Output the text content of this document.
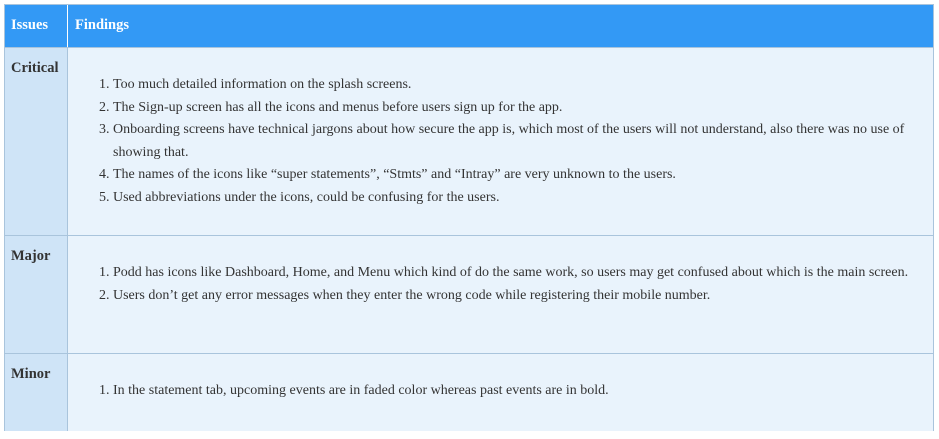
Issues	Findings
Critical
1. Too much detailed information on the splash screens.
2. The Sign-up screen has all the icons and menus before users sign up for the app.
3. Onboarding screens have technical jargons about how secure the app is, which most of the users will not understand, also there was no use of showing that.
4. The names of the icons like “super statements”, “Stmts” and “Intray” are very unknown to the users.
5. Used abbreviations under the icons, could be confusing for the users.
Major
1. Podd has icons like Dashboard, Home, and Menu which kind of do the same work, so users may get confused about which is the main screen.
2. Users don’t get any error messages when they enter the wrong code while registering their mobile number.
Minor
1. In the statement tab, upcoming events are in faded color whereas past events are in bold.
